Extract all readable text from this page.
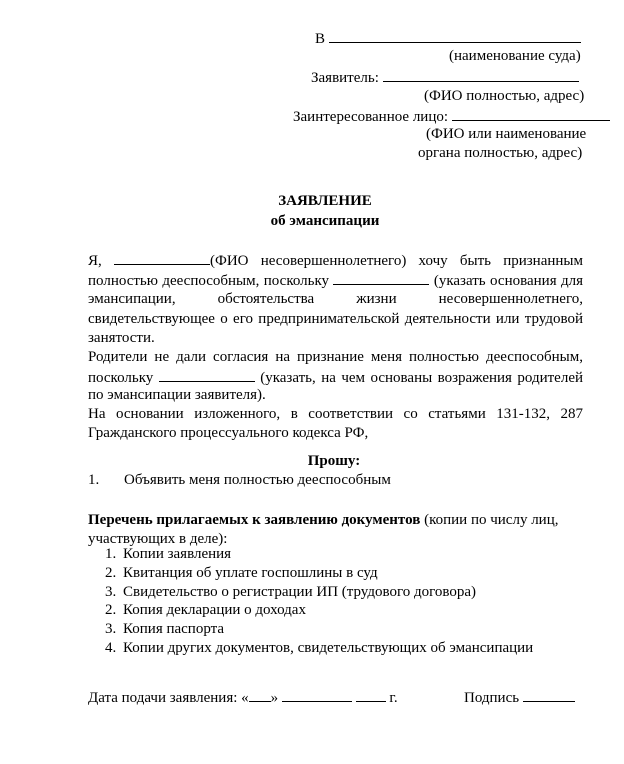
В
(наименование суда)
Заявитель:
(ФИО полностью, адрес)
Заинтересованное лицо:
(ФИО или наименование
органа полностью, адрес)
ЗАЯВЛЕНИЕ
об эмансипации
Я,	(ФИО несовершеннолетнего) хочу быть признанным
полностью дееспособным, поскольку	(указать основания для
эмансипации, обстоятельства жизни несовершеннолетнего,
свидетельствующее о его предпринимательской деятельности или трудовой
занятости.
Родители не дали согласия на признание меня полностью дееспособным,
поскольку	(указать, на чем основаны возражения родителей
по эмансипации заявителя).
На основании изложенного, в соответствии со статьями 131-132, 287
Гражданского процессуального кодекса РФ,
Прошу:
1. Объявить меня полностью дееспособным
Перечень прилагаемых к заявлению документов (копии по числу лиц,
участвующих в деле):
1. Копии заявления
2. Квитанция об уплате госпошлины в суд
3. Свидетельство о регистрации ИП (трудового договора)
2. Копия декларации о доходах
3. Копия паспорта
4. Копии других документов, свидетельствующих об эмансипации
Дата подачи заявления: « »	г.	Подпись
